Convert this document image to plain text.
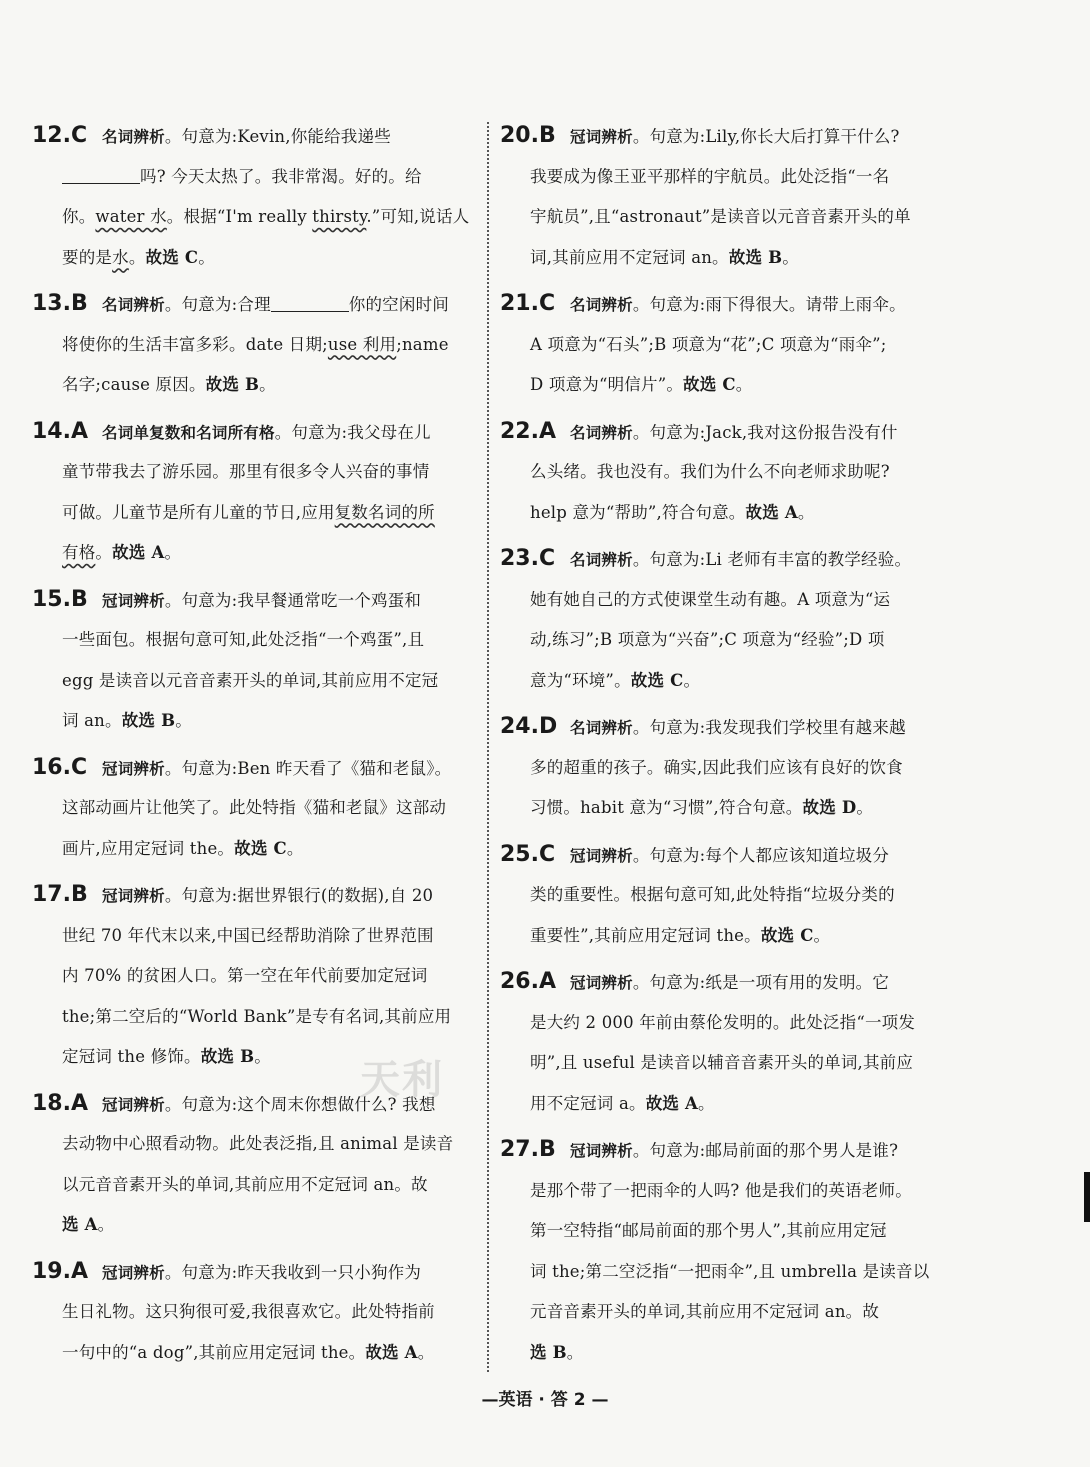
天利
12.C 名词辨析。句意为:Kevin,你能给我递些
吗? 今天太热了。我非常渴。好的。给
你。water 水。根据“I'm really thirsty.”可知,说话人
要的是水。故选 C。
13.B 名词辨析。句意为:合理	你的空闲时间
将使你的生活丰富多彩。date 日期;use 利用;name
名字;cause 原因。故选 B。
14.A 名词单复数和名词所有格。句意为:我父母在儿
童节带我去了游乐园。那里有很多令人兴奋的事情
可做。儿童节是所有儿童的节日,应用复数名词的所
有格。故选 A。
15.B 冠词辨析。句意为:我早餐通常吃一个鸡蛋和
一些面包。根据句意可知,此处泛指“一个鸡蛋”,且
egg 是读音以元音音素开头的单词,其前应用不定冠
词 an。故选 B。
16.C 冠词辨析。句意为:Ben 昨天看了《猫和老鼠》。
这部动画片让他笑了。此处特指《猫和老鼠》这部动
画片,应用定冠词 the。故选 C。
17.B 冠词辨析。句意为:据世界银行(的数据),自 20
世纪 70 年代末以来,中国已经帮助消除了世界范围
内 70% 的贫困人口。第一空在年代前要加定冠词
the;第二空后的“World Bank”是专有名词,其前应用
定冠词 the 修饰。故选 B。
18.A 冠词辨析。句意为:这个周末你想做什么? 我想
去动物中心照看动物。此处表泛指,且 animal 是读音
以元音音素开头的单词,其前应用不定冠词 an。故
选 A。
19.A 冠词辨析。句意为:昨天我收到一只小狗作为
生日礼物。这只狗很可爱,我很喜欢它。此处特指前
一句中的“a dog”,其前应用定冠词 the。故选 A。
20.B 冠词辨析。句意为:Lily,你长大后打算干什么?
我要成为像王亚平那样的宇航员。此处泛指“一名
宇航员”,且“astronaut”是读音以元音音素开头的单
词,其前应用不定冠词 an。故选 B。
21.C 名词辨析。句意为:雨下得很大。请带上雨伞。
A 项意为“石头”;B 项意为“花”;C 项意为“雨伞”;
D 项意为“明信片”。故选 C。
22.A 名词辨析。句意为:Jack,我对这份报告没有什
么头绪。我也没有。我们为什么不向老师求助呢?
help 意为“帮助”,符合句意。故选 A。
23.C 名词辨析。句意为:Li 老师有丰富的教学经验。
她有她自己的方式使课堂生动有趣。A 项意为“运
动,练习”;B 项意为“兴奋”;C 项意为“经验”;D 项
意为“环境”。故选 C。
24.D 名词辨析。句意为:我发现我们学校里有越来越
多的超重的孩子。确实,因此我们应该有良好的饮食
习惯。habit 意为“习惯”,符合句意。故选 D。
25.C 冠词辨析。句意为:每个人都应该知道垃圾分
类的重要性。根据句意可知,此处特指“垃圾分类的
重要性”,其前应用定冠词 the。故选 C。
26.A 冠词辨析。句意为:纸是一项有用的发明。它
是大约 2 000 年前由蔡伦发明的。此处泛指“一项发
明”,且 useful 是读音以辅音音素开头的单词,其前应
用不定冠词 a。故选 A。
27.B 冠词辨析。句意为:邮局前面的那个男人是谁?
是那个带了一把雨伞的人吗? 他是我们的英语老师。
第一空特指“邮局前面的那个男人”,其前应用定冠
词 the;第二空泛指“一把雨伞”,且 umbrella 是读音以
元音音素开头的单词,其前应用不定冠词 an。故
选 B。
—英语 · 答 2 —
